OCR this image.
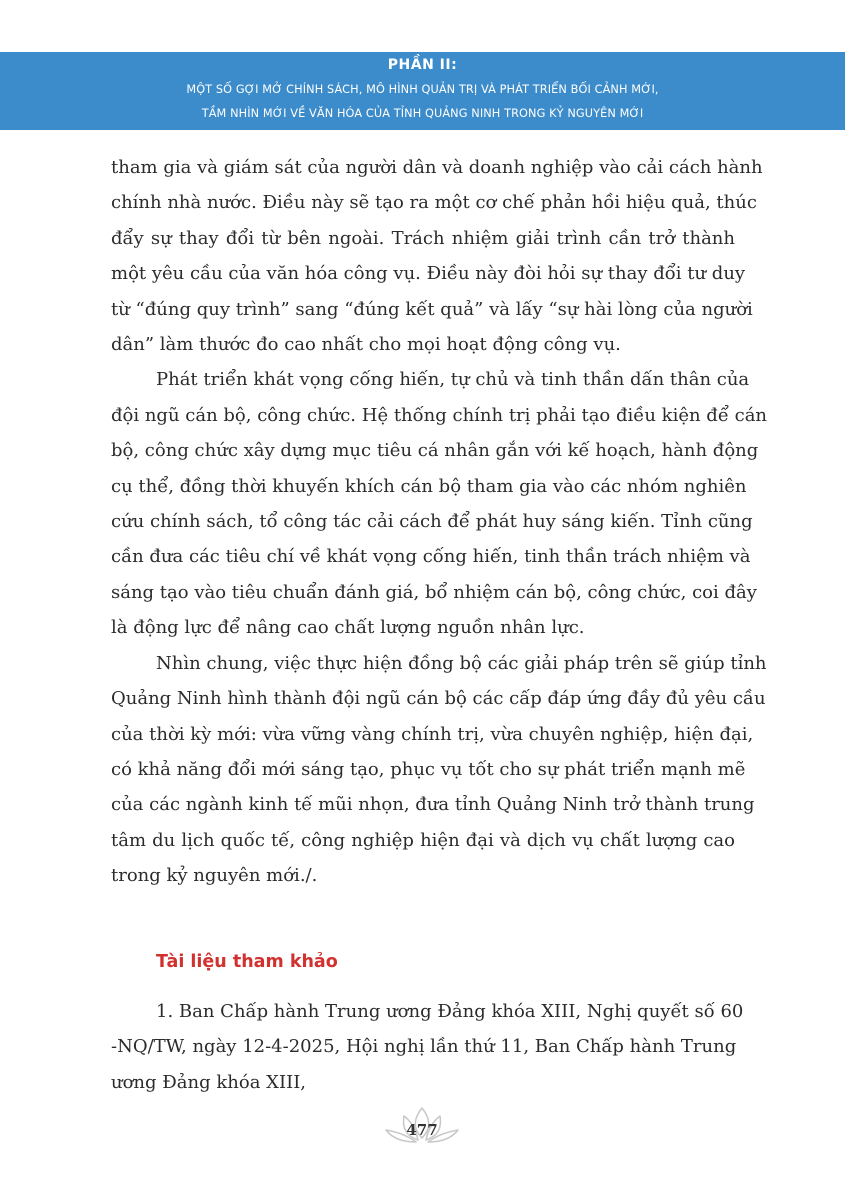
PHẦN II:
MỘT SỐ GỢI MỞ CHÍNH SÁCH, MÔ HÌNH QUẢN TRỊ VÀ PHÁT TRIỂN BỐI CẢNH MỚI,
TẦM NHÌN MỚI VỀ VĂN HÓA CỦA TỈNH QUẢNG NINH TRONG KỶ NGUYÊN MỚI

tham gia và giám sát của người dân và doanh nghiệp vào cải cách hành
chính nhà nước. Điều này sẽ tạo ra một cơ chế phản hồi hiệu quả, thúc
đẩy sự thay đổi từ bên ngoài. Trách nhiệm giải trình cần trở thành
một yêu cầu của văn hóa công vụ. Điều này đòi hỏi sự thay đổi tư duy
từ “đúng quy trình” sang “đúng kết quả” và lấy “sự hài lòng của người
dân” làm thước đo cao nhất cho mọi hoạt động công vụ.

Phát triển khát vọng cống hiến, tự chủ và tinh thần dấn thân của
đội ngũ cán bộ, công chức. Hệ thống chính trị phải tạo điều kiện để cán
bộ, công chức xây dựng mục tiêu cá nhân gắn với kế hoạch, hành động
cụ thể, đồng thời khuyến khích cán bộ tham gia vào các nhóm nghiên
cứu chính sách, tổ công tác cải cách để phát huy sáng kiến. Tỉnh cũng
cần đưa các tiêu chí về khát vọng cống hiến, tinh thần trách nhiệm và
sáng tạo vào tiêu chuẩn đánh giá, bổ nhiệm cán bộ, công chức, coi đây
là động lực để nâng cao chất lượng nguồn nhân lực.

Nhìn chung, việc thực hiện đồng bộ các giải pháp trên sẽ giúp tỉnh
Quảng Ninh hình thành đội ngũ cán bộ các cấp đáp ứng đầy đủ yêu cầu
của thời kỳ mới: vừa vững vàng chính trị, vừa chuyên nghiệp, hiện đại,
có khả năng đổi mới sáng tạo, phục vụ tốt cho sự phát triển mạnh mẽ
của các ngành kinh tế mũi nhọn, đưa tỉnh Quảng Ninh trở thành trung
tâm du lịch quốc tế, công nghiệp hiện đại và dịch vụ chất lượng cao
trong kỷ nguyên mới./.

Tài liệu tham khảo

1. Ban Chấp hành Trung ương Đảng khóa XIII, Nghị quyết số 60
-NQ/TW, ngày 12-4-2025, Hội nghị lần thứ 11, Ban Chấp hành Trung
ương Đảng khóa XIII,

477
